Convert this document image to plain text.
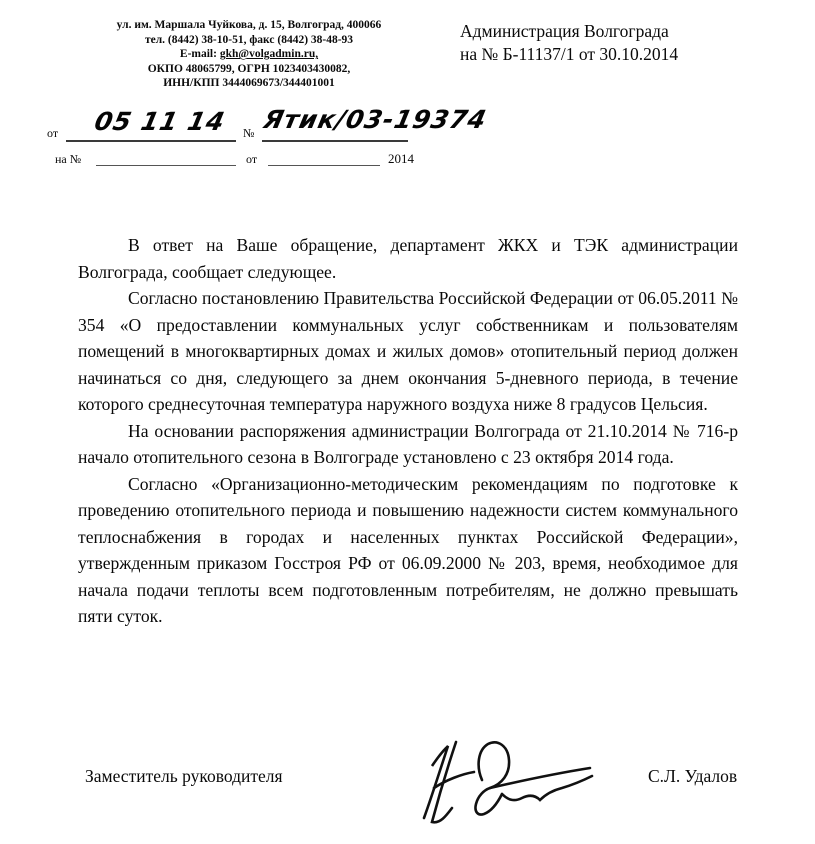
ул. им. Маршала Чуйкова, д. 15, Волгоград, 400066
тел. (8442) 38-10-51, факс (8442) 38-48-93
E-mail: gkh@volgadmin.ru,
ОКПО 48065799, ОГРН 1023403430082,
ИНН/КПП 3444069673/344401001
Администрация Волгограда
на № Б-11137/1 от 30.10.2014
от 05 11 14 № Ятик/03-19374
на №	от	2014

В ответ на Ваше обращение, департамент ЖКХ и ТЭК администрации Волгограда, сообщает следующее.

Согласно постановлению Правительства Российской Федерации от 06.05.2011 № 354 «О предоставлении коммунальных услуг собственникам и пользователям помещений в многоквартирных домах и жилых домов» отопительный период должен начинаться со дня, следующего за днем окончания 5-дневного периода, в течение которого среднесуточная температура наружного воздуха ниже 8 градусов Цельсия.

На основании распоряжения администрации Волгограда от 21.10.2014 № 716-р начало отопительного сезона в Волгограде установлено с 23 октября 2014 года.

Согласно «Организационно-методическим рекомендациям по подготовке к проведению отопительного периода и повышению надежности систем коммунального теплоснабжения в городах и населенных пунктах Российской Федерации», утвержденным приказом Госстроя РФ от 06.09.2000 № 203, время, необходимое для начала подачи теплоты всем подготовленным потребителям, не должно превышать пяти суток.

Заместитель руководителя	С.Л. Удалов
